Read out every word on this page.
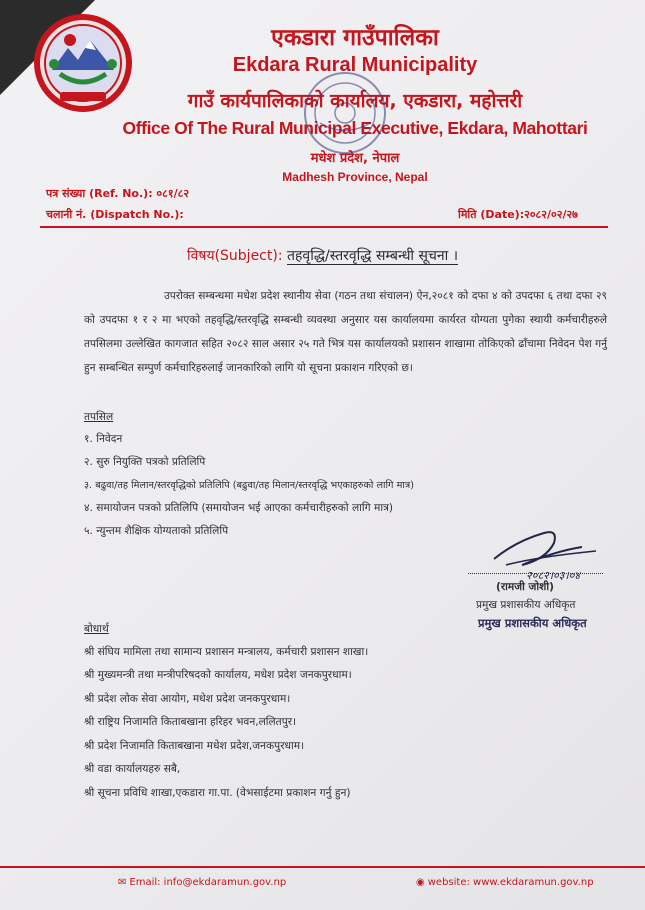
एकडारा गाउँपालिका
Ekdara Rural Municipality
गाउँ कार्यपालिकाको कार्यालय, एकडारा, महोत्तरी
Office Of The Rural Municipal Executive, Ekdara, Mahottari
मधेश प्रदेश, नेपाल
Madhesh Province, Nepal
पत्र संख्या (Ref. No.): ०८१/८२
चलानी नं. (Dispatch No.):	मिति (Date):२०८२/०२/२७
विषय(Subject): तहवृद्धि/स्तरवृद्धि सम्बन्धी सूचना ।
उपरोक्त सम्बन्धमा मधेश प्रदेश स्थानीय सेवा (गठन तथा संचालन) ऐन,२०८१ को दफा ४ को उपदफा ६ तथा दफा २९ को उपदफा १ र २ मा भएको तहवृद्धि/स्तरवृद्धि सम्बन्धी व्यवस्था अनुसार यस कार्यालयमा कार्यरत योग्यता पुगेका स्थायी कर्मचारीहरुले तपसिलमा उल्लेखित कागजात सहित २०८२ साल असार २५ गते भित्र यस कार्यालयको प्रशासन शाखामा तोकिएको ढाँचामा निवेदन पेश गर्नु हुन सम्बन्धित सम्पुर्ण कर्मचारिहरुलाई जानकारिको लागि यो सूचना प्रकाशन गरिएको छ।
तपसिल
१. निवेदन
२. सुरु नियुक्ति पत्रको प्रतिलिपि
३. बढुवा/तह मिलान/स्तरवृद्धिको प्रतिलिपि (बढुवा/तह मिलान/स्तरवृद्धि भएकाहरुको लागि मात्र)
४. समायोजन पत्रको प्रतिलिपि (समायोजन भई आएका कर्मचारीहरुको लागि मात्र)
५. न्युन्तम शैक्षिक योग्यताको प्रतिलिपि
२०८२।०३।०४
(रामजी जोशी)
प्रमुख प्रशासकीय अधिकृत
प्रमुख प्रशासकीय अधिकृत
बोधार्थ
श्री संघिय मामिला तथा सामान्य प्रशासन मन्त्रालय, कर्मचारी प्रशासन शाखा।
श्री मुख्यमन्त्री तथा मन्त्रीपरिषदको कार्यालय, मधेश प्रदेश जनकपुरधाम।
श्री प्रदेश लोक सेवा आयोग, मधेश प्रदेश जनकपुरधाम।
श्री राष्ट्रिय निजामति किताबखाना हरिहर भवन,ललितपुर।
श्री प्रदेश निजामति किताबखाना मधेश प्रदेश,जनकपुरधाम।
श्री वडा कार्यालयहरु सबै,
श्री सूचना प्रविधि शाखा,एकडारा गा.पा. (वेभसाईटमा प्रकाशन गर्नु हुन)
✉ Email: info@ekdaramun.gov.np	◉ website: www.ekdaramun.gov.np
